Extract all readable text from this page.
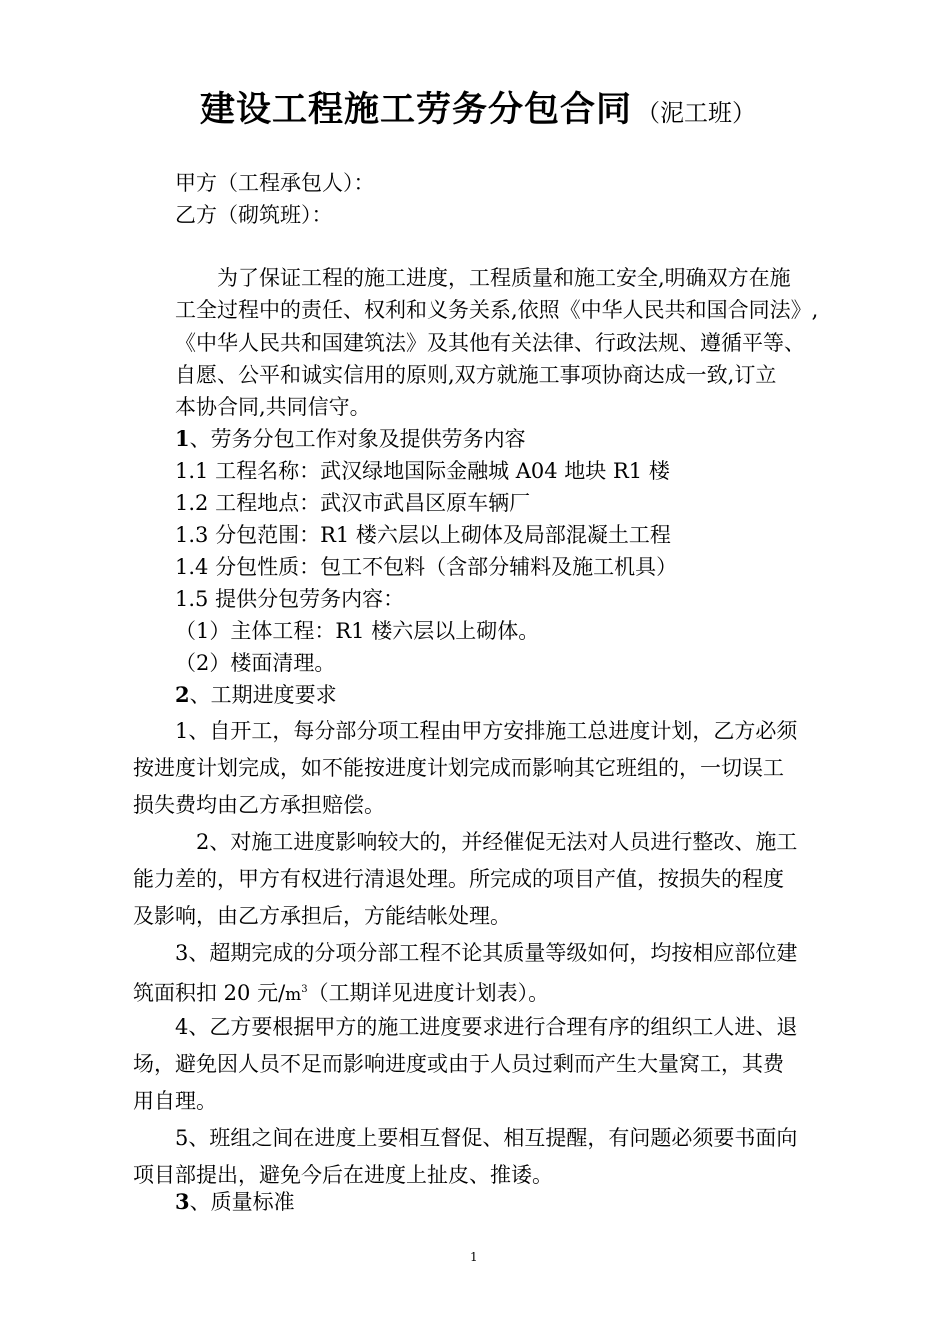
建设工程施工劳务分包合同 （泥工班）
甲方（工程承包人）：
乙方（砌筑班）：
为了保证工程的施工进度，工程质量和施工安全,明确双方在施
工全过程中的责任、权利和义务关系,依照《中华人民共和国合同法》,
《中华人民共和国建筑法》及其他有关法律、行政法规、遵循平等、
自愿、公平和诚实信用的原则,双方就施工事项协商达成一致,订立
本协合同,共同信守。
1、劳务分包工作对象及提供劳务内容
1.1 工程名称：武汉绿地国际金融城 A04 地块 R1 楼
1.2 工程地点：武汉市武昌区原车辆厂
1.3 分包范围：R1 楼六层以上砌体及局部混凝土工程
1.4 分包性质：包工不包料（含部分辅料及施工机具）
1.5 提供分包劳务内容：
（1）主体工程：R1 楼六层以上砌体。
（2）楼面清理。
2、工期进度要求
1、自开工，每分部分项工程由甲方安排施工总进度计划，乙方必须
按进度计划完成，如不能按进度计划完成而影响其它班组的，一切误工
损失费均由乙方承担赔偿。
2、对施工进度影响较大的，并经催促无法对人员进行整改、施工
能力差的，甲方有权进行清退处理。所完成的项目产值，按损失的程度
及影响，由乙方承担后，方能结帐处理。
3、超期完成的分项分部工程不论其质量等级如何，均按相应部位建
筑面积扣 20 元$/m^3$（工期详见进度计划表）。
4、乙方要根据甲方的施工进度要求进行合理有序的组织工人进、退
场，避免因人员不足而影响进度或由于人员过剩而产生大量窝工，其费
用自理。
5、班组之间在进度上要相互督促、相互提醒，有问题必须要书面向
项目部提出，避免今后在进度上扯皮、推诿。
3、质量标准
1
